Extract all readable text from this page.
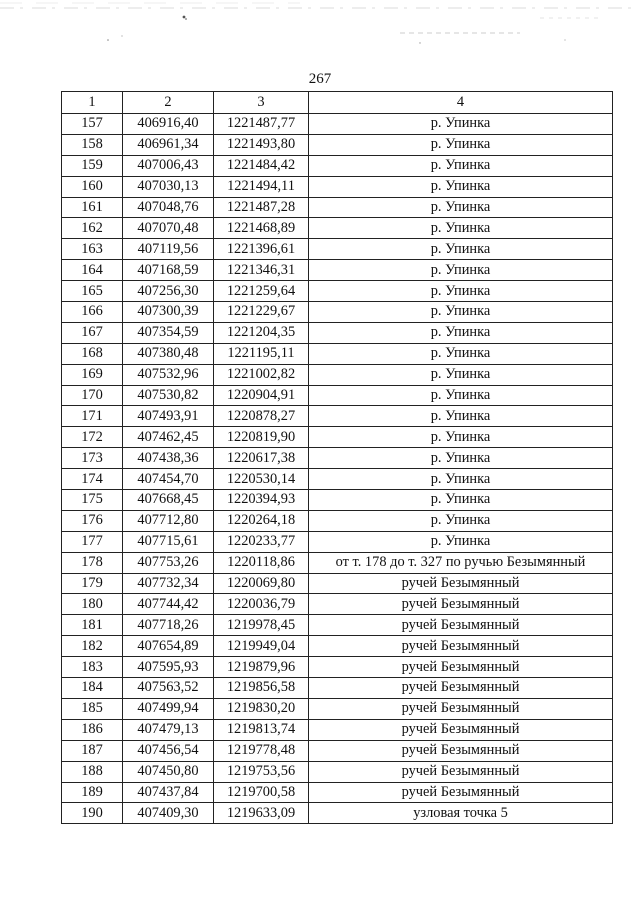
267
1	2	3	4
157	406916,40	1221487,77	р. Упинка
158	406961,34	1221493,80	р. Упинка
159	407006,43	1221484,42	р. Упинка
160	407030,13	1221494,11	р. Упинка
161	407048,76	1221487,28	р. Упинка
162	407070,48	1221468,89	р. Упинка
163	407119,56	1221396,61	р. Упинка
164	407168,59	1221346,31	р. Упинка
165	407256,30	1221259,64	р. Упинка
166	407300,39	1221229,67	р. Упинка
167	407354,59	1221204,35	р. Упинка
168	407380,48	1221195,11	р. Упинка
169	407532,96	1221002,82	р. Упинка
170	407530,82	1220904,91	р. Упинка
171	407493,91	1220878,27	р. Упинка
172	407462,45	1220819,90	р. Упинка
173	407438,36	1220617,38	р. Упинка
174	407454,70	1220530,14	р. Упинка
175	407668,45	1220394,93	р. Упинка
176	407712,80	1220264,18	р. Упинка
177	407715,61	1220233,77	р. Упинка
178	407753,26	1220118,86	от т. 178 до т. 327 по ручью Безымянный
179	407732,34	1220069,80	ручей Безымянный
180	407744,42	1220036,79	ручей Безымянный
181	407718,26	1219978,45	ручей Безымянный
182	407654,89	1219949,04	ручей Безымянный
183	407595,93	1219879,96	ручей Безымянный
184	407563,52	1219856,58	ручей Безымянный
185	407499,94	1219830,20	ручей Безымянный
186	407479,13	1219813,74	ручей Безымянный
187	407456,54	1219778,48	ручей Безымянный
188	407450,80	1219753,56	ручей Безымянный
189	407437,84	1219700,58	ручей Безымянный
190	407409,30	1219633,09	узловая точка 5
